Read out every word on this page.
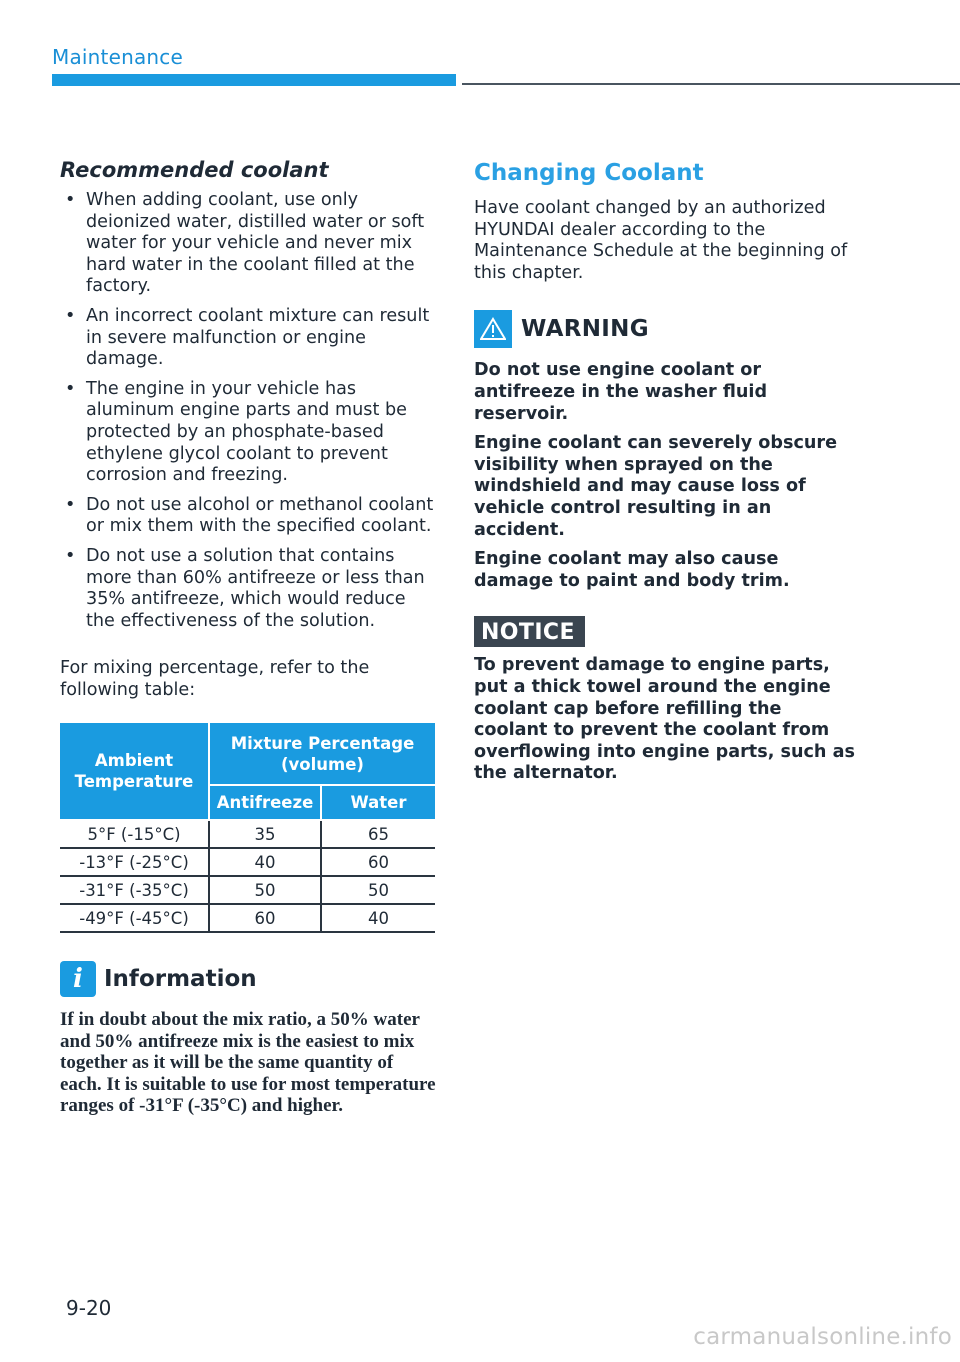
Maintenance
Recommended coolant
• When adding coolant, use only deionized water, distilled water or soft water for your vehicle and never mix hard water in the coolant filled at the factory.
• An incorrect coolant mixture can result in severe malfunction or engine damage.
• The engine in your vehicle has aluminum engine parts and must be protected by an phosphate-based ethylene glycol coolant to prevent corrosion and freezing.
• Do not use alcohol or methanol coolant or mix them with the specified coolant.
• Do not use a solution that contains more than 60% antifreeze or less than 35% antifreeze, which would reduce the effectiveness of the solution.

For mixing percentage, refer to the following table:

Ambient Temperature	Mixture Percentage (volume)	
	Antifreeze	Water
5°F (-15°C)	35	65
-13°F (-25°C)	40	60
-31°F (-35°C)	50	50
-49°F (-45°C)	60	40
i Information
If in doubt about the mix ratio, a 50% water and 50% antifreeze mix is the easiest to mix together as it will be the same quantity of each. It is suitable to use for most temperature ranges of -31°F (-35°C) and higher.
Changing Coolant

Have coolant changed by an authorized HYUNDAI dealer according to the Maintenance Schedule at the beginning of this chapter.

WARNING

Do not use engine coolant or antifreeze in the washer fluid reservoir.

Engine coolant can severely obscure visibility when sprayed on the windshield and may cause loss of vehicle control resulting in an accident.

Engine coolant may also cause damage to paint and body trim.

NOTICE

To prevent damage to engine parts, put a thick towel around the engine coolant cap before refilling the coolant to prevent the coolant from overflowing into engine parts, such as the alternator.

9-20
carmanualsonline.info
